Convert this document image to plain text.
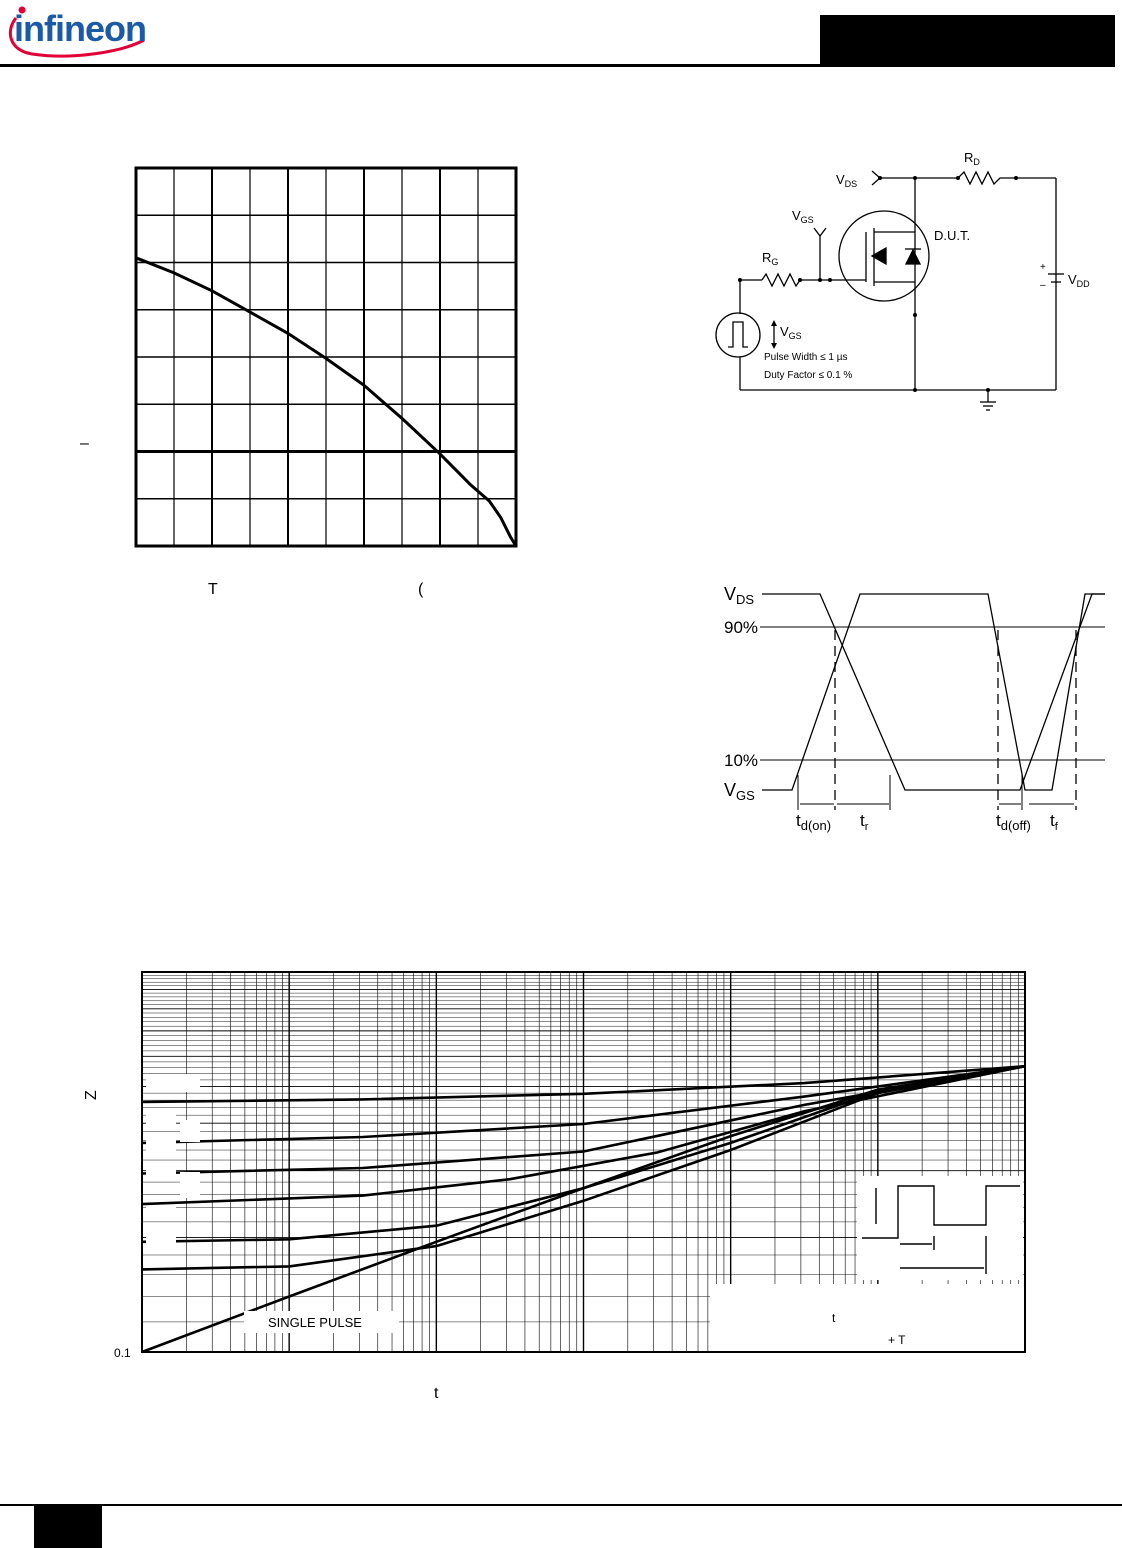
infineon
–
T	(
$V_{DS}$
$R_D$
$V_{GS}$
D.U.T.
$R_G$	+
– $V_{DD}$
$V_{GS}$
Pulse Width ≤ 1 µs
Duty Factor ≤ 0.1 %
$V_{DS}$
90%
10%
$V_{GS}$
$t_{d(on)}$ $t_r$	$t_{d(off)}$ $t_f$
SINGLE PULSE	t
+ T
0.1
Z
t
